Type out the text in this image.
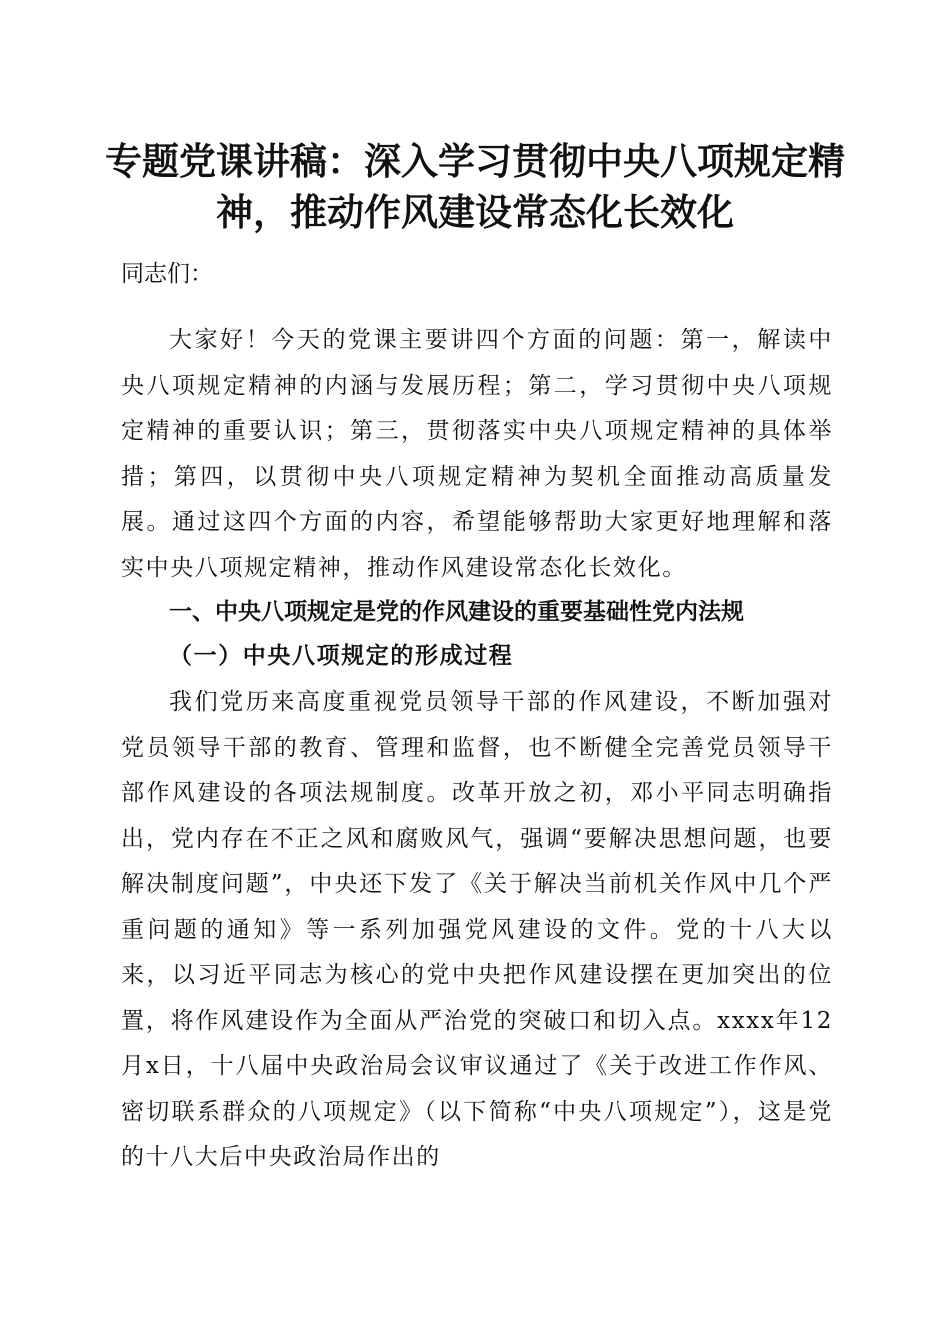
专题党课讲稿：深入学习贯彻中央八项规定精神，推动作风建设常态化长效化

同志们：

大家好！今天的党课主要讲四个方面的问题：第一，解读中央八项规定精神的内涵与发展历程；第二，学习贯彻中央八项规定精神的重要认识；第三，贯彻落实中央八项规定精神的具体举措；第四，以贯彻中央八项规定精神为契机全面推动高质量发展。通过这四个方面的内容，希望能够帮助大家更好地理解和落实中央八项规定精神，推动作风建设常态化长效化。

一、中央八项规定是党的作风建设的重要基础性党内法规
（一）中央八项规定的形成过程

我们党历来高度重视党员领导干部的作风建设，不断加强对党员领导干部的教育、管理和监督，也不断健全完善党员领导干部作风建设的各项法规制度。改革开放之初，邓小平同志明确指出，党内存在不正之风和腐败风气，强调“要解决思想问题，也要解决制度问题”，中央还下发了《关于解决当前机关作风中几个严重问题的通知》等一系列加强党风建设的文件。党的十八大以来，以习近平同志为核心的党中央把作风建设摆在更加突出的位置，将作风建设作为全面从严治党的突破口和切入点。xxxx年12月x日，十八届中央政治局会议审议通过了《关于改进工作作风、密切联系群众的八项规定》（以下简称“中央八项规定”），这是党的十八大后中央政治局作出的
